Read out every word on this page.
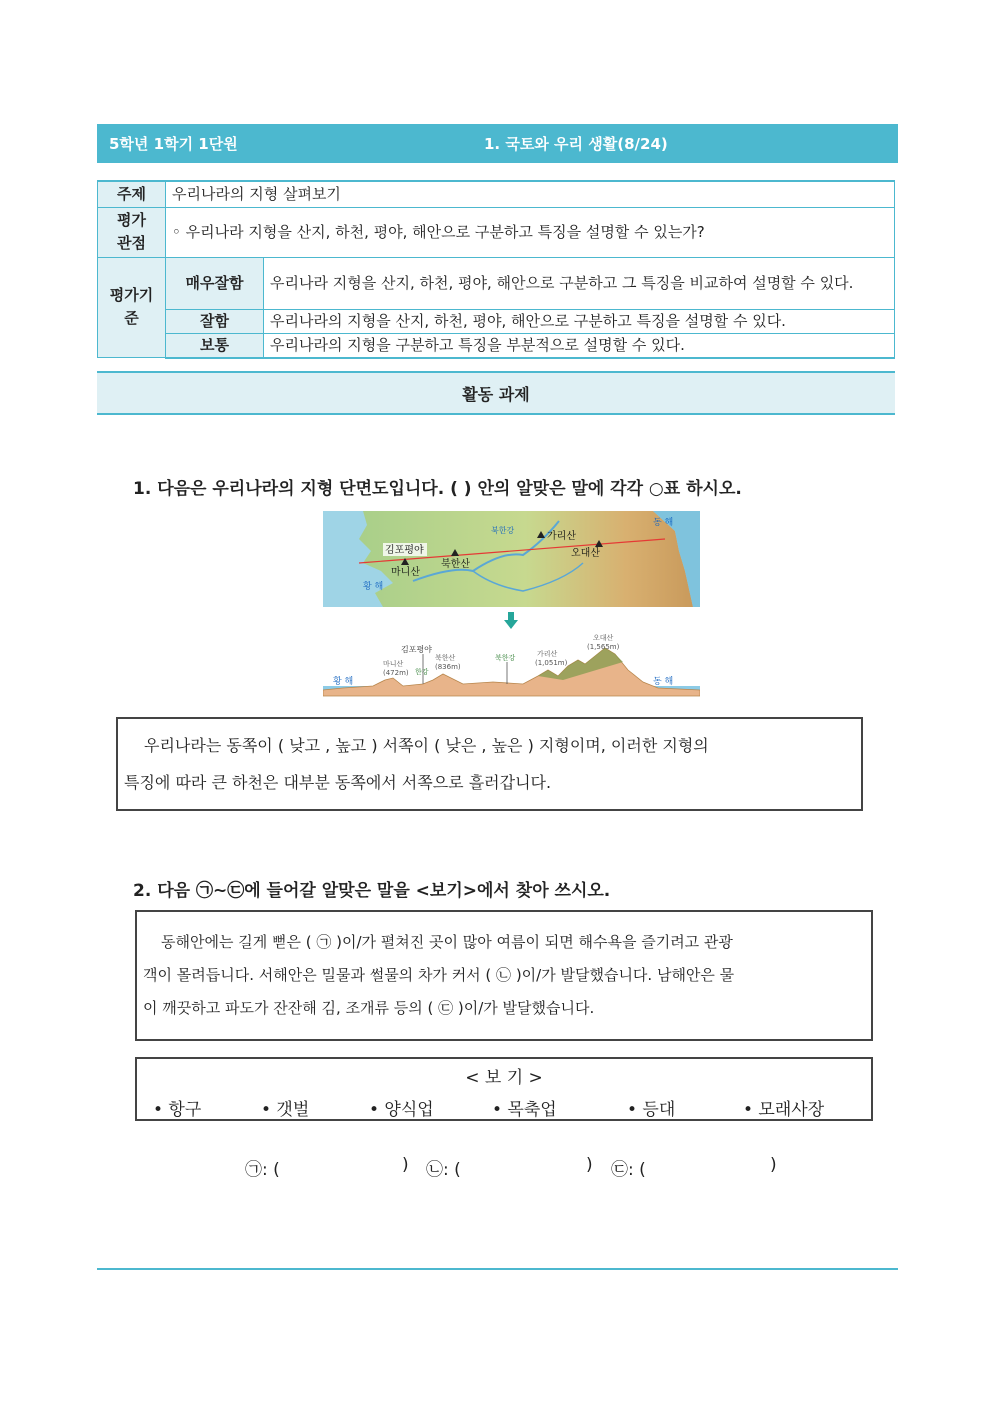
5학년 1학기 1단원	1. 국토와 우리 생활(8/24)
주제	우리나라의 지형 살펴보기	

평가
관점	◦ 우리나라 지형을 산지, 하천, 평야, 해안으로 구분하고 특징을 설명할 수 있는가?	

평가기
준	매우잘함	우리나라 지형을 산지, 하천, 평야, 해안으로 구분하고 그 특징을 비교하여 설명할 수 있다.
	잘함	우리나라의 지형을 산지, 하천, 평야, 해안으로 구분하고 특징을 설명할 수 있다.
	보통	우리나라의 지형을 구분하고 특징을 부분적으로 설명할 수 있다.
활동 과제
1. 다음은 우리나라의 지형 단면도입니다. ( ) 안의 알맞은 말에 각각 ○표 하시오.
동 해
황 해
북한강
김포평야
마니산
북한산
가리산
오대산
황 해	동 해
김포평야
마니산
(472m) 한강
북한산
(836m)
북한강	가리산
(1,051m)
오대산
(1,565m)
우리나라는 동쪽이 ( 낮고 , 높고 ) 서쪽이 ( 낮은 , 높은 ) 지형이며, 이러한 지형의
특징에 따라 큰 하천은 대부분 동쪽에서 서쪽으로 흘러갑니다.
2. 다음 ㉠~㉢에 들어갈 알맞은 말을 <보기>에서 찾아 쓰시오.
동해안에는 길게 뻗은 ( ㉠ )이/가 펼쳐진 곳이 많아 여름이 되면 해수욕을 즐기려고 관광
객이 몰려듭니다. 서해안은 밀물과 썰물의 차가 커서 ( ㉡ )이/가 발달했습니다. 남해안은 물
이 깨끗하고 파도가 잔잔해 김, 조개류 등의 ( ㉢ )이/가 발달했습니다.
< 보 기 >
• 항구	• 갯벌	• 양식업	• 목축업	• 등대	• 모래사장
㉠: (	) ㉡: (	) ㉢: (	)
